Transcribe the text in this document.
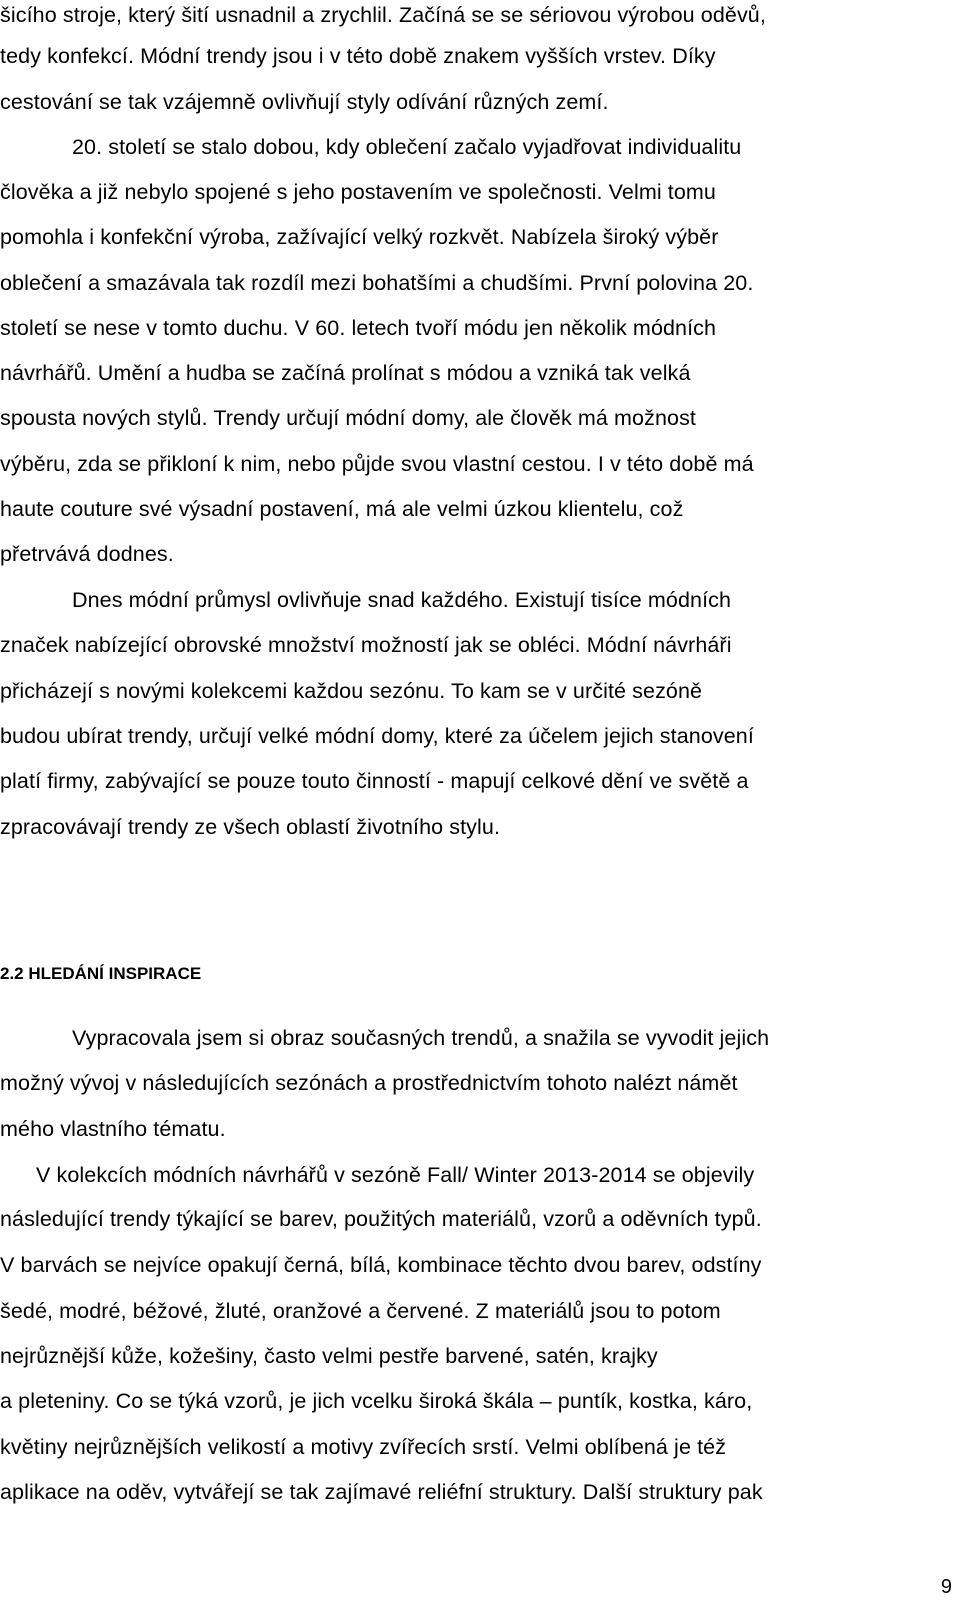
šicího stroje, který šití usnadnil a zrychlil. Začíná se se sériovou výrobou oděvů,
tedy konfekcí. Módní trendy jsou i v této době znakem vyšších vrstev. Díky
cestování se tak vzájemně ovlivňují styly odívání různých zemí.
20. století se stalo dobou, kdy oblečení začalo vyjadřovat individualitu
člověka a již nebylo spojené s jeho postavením ve společnosti. Velmi tomu
pomohla i konfekční výroba, zažívající velký rozkvět. Nabízela široký výběr
oblečení a smazávala tak rozdíl mezi bohatšími a chudšími. První polovina 20.
století se nese v tomto duchu. V 60. letech tvoří módu jen několik módních
návrhářů. Umění a hudba se začíná prolínat s módou a vzniká tak velká
spousta nových stylů. Trendy určují módní domy, ale člověk má možnost
výběru, zda se přikloní k nim, nebo půjde svou vlastní cestou. I v této době má
haute couture své výsadní postavení, má ale velmi úzkou klientelu, což
přetrvává dodnes.
Dnes módní průmysl ovlivňuje snad každého. Existují tisíce módních
značek nabízející obrovské množství možností jak se obléci. Módní návrháři
přicházejí s novými kolekcemi každou sezónu. To kam se v určité sezóně
budou ubírat trendy, určují velké módní domy, které za účelem jejich stanovení
platí firmy, zabývající se pouze touto činností - mapují celkové dění ve světě a
zpracovávají trendy ze všech oblastí životního stylu.
2.2 HLEDÁNÍ INSPIRACE
Vypracovala jsem si obraz současných trendů, a snažila se vyvodit jejich
možný vývoj v následujících sezónách a prostřednictvím tohoto nalézt námět
mého vlastního tématu.
V kolekcích módních návrhářů v sezóně Fall/ Winter 2013-2014 se objevily
následující trendy týkající se barev, použitých materiálů, vzorů a oděvních typů.
V barvách se nejvíce opakují černá, bílá, kombinace těchto dvou barev, odstíny
šedé, modré, béžové, žluté, oranžové a červené. Z materiálů jsou to potom
nejrůznější kůže, kožešiny, často velmi pestře barvené, satén, krajky
a pleteniny. Co se týká vzorů, je jich vcelku široká škála – puntík, kostka, káro,
květiny nejrůznějších velikostí a motivy zvířecích srstí. Velmi oblíbená je též
aplikace na oděv, vytvářejí se tak zajímavé reliéfní struktury. Další struktury pak
9
